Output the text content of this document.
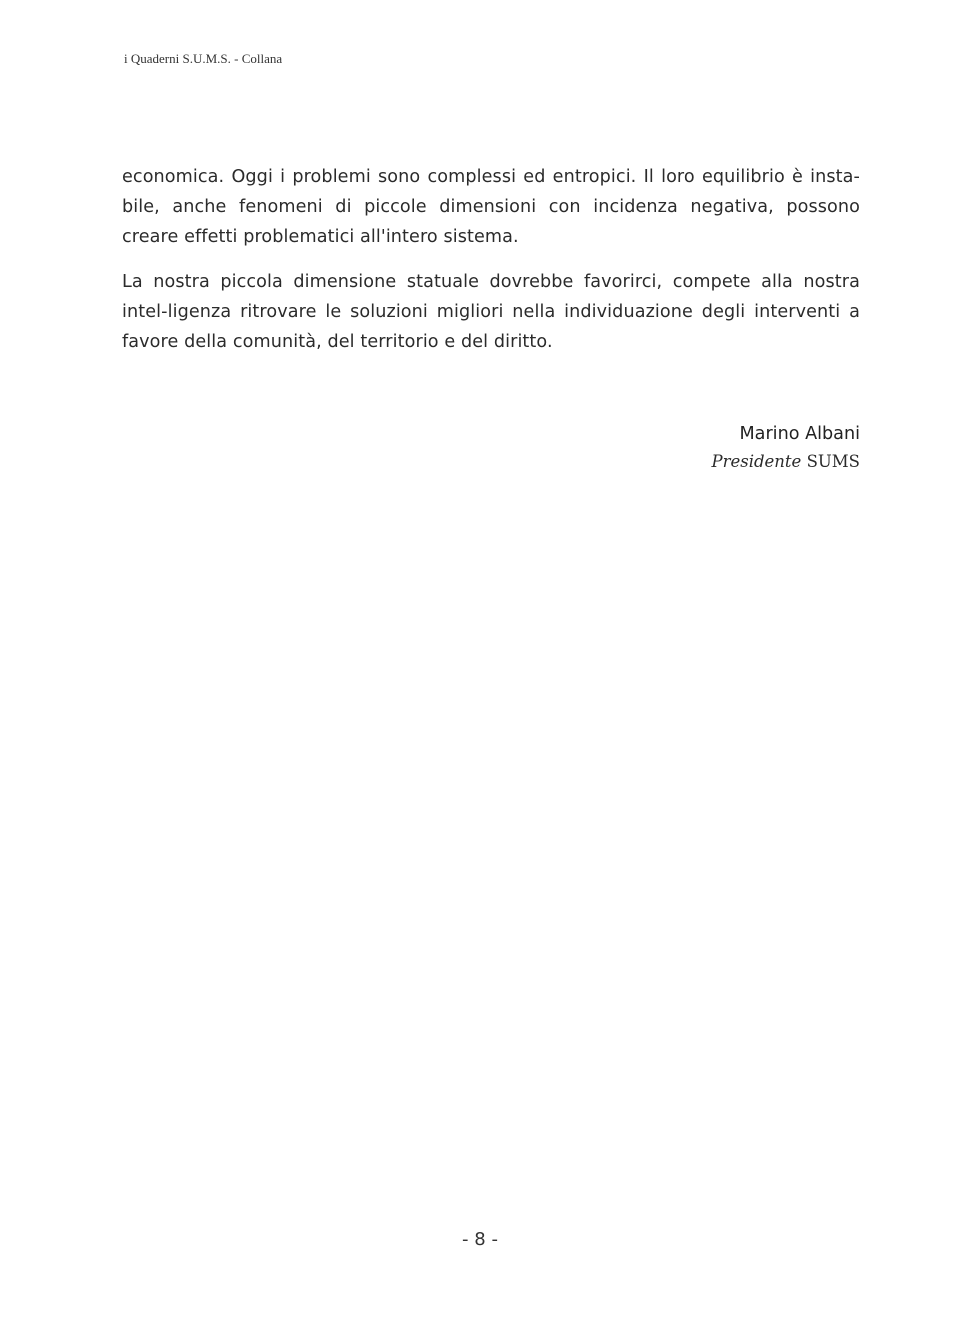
i Quaderni S.U.M.S. - Collana

economica. Oggi i problemi sono complessi ed entropici. Il loro equilibrio è insta-bile, anche fenomeni di piccole dimensioni con incidenza negativa, possono creare effetti problematici all'intero sistema.

La nostra piccola dimensione statuale dovrebbe favorirci, compete alla nostra intel-ligenza ritrovare le soluzioni migliori nella individuazione degli interventi a favore della comunità, del territorio e del diritto.

Marino Albani
Presidente SUMS
- 8 -
